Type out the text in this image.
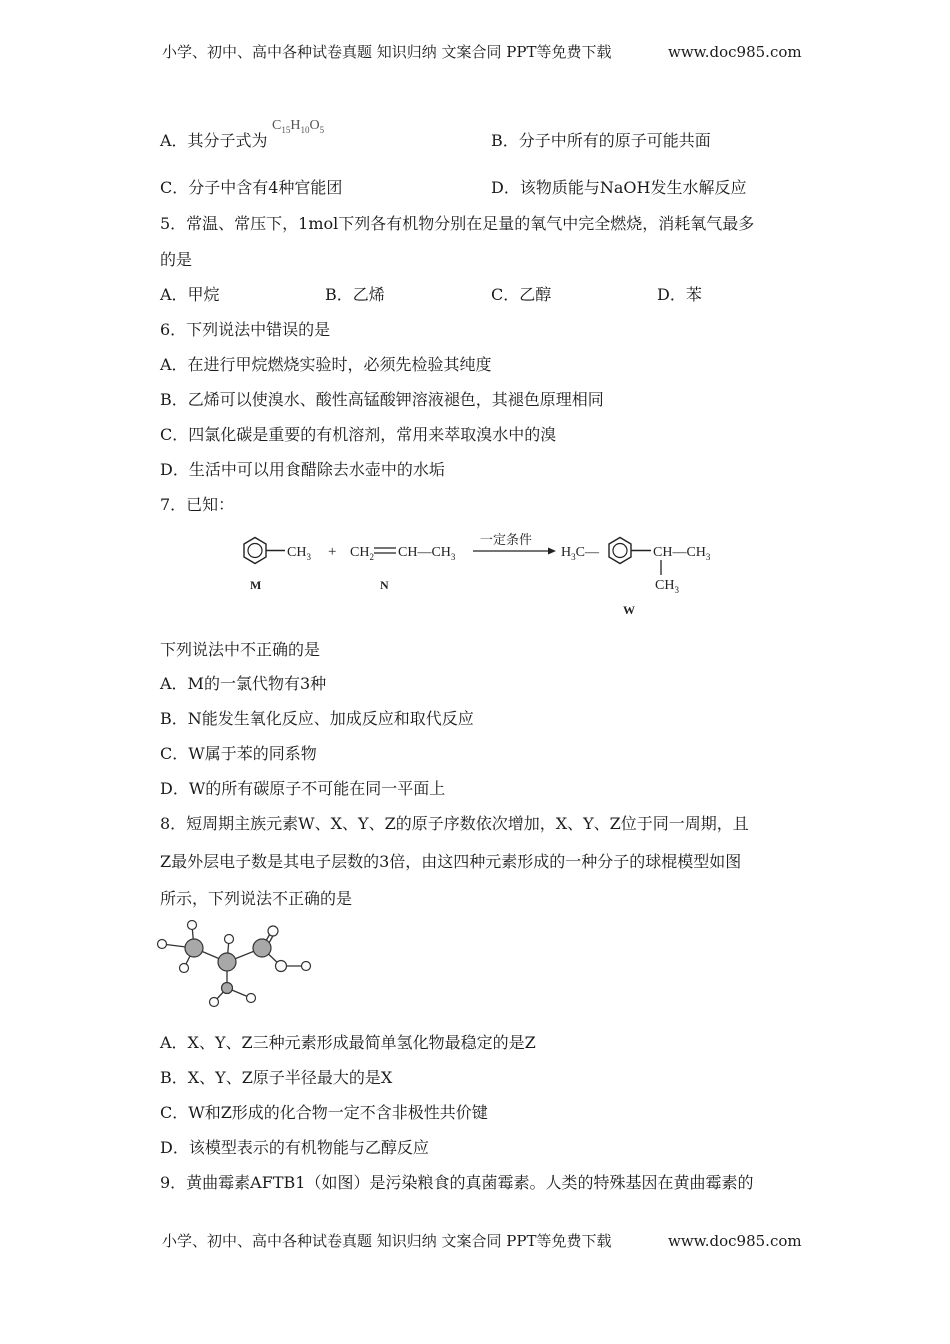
小学、初中、高中各种试卷真题 知识归纳 文案合同 PPT等免费下载	www.doc985.com
A．其分子式为
$C_{15}H_{10}O_5$
B．分子中所有的原子可能共面
C．分子中含有4种官能团	D．该物质能与NaOH发生水解反应
5．常温、常压下，1mol下列各有机物分别在足量的氧气中完全燃烧，消耗氧气最多
的是
A．甲烷	B．乙烯	C．乙醇	D．苯
6．下列说法中错误的是
A．在进行甲烷燃烧实验时，必须先检验其纯度
B．乙烯可以使溴水、酸性高锰酸钾溶液褪色，其褪色原理相同
C．四氯化碳是重要的有机溶剂，常用来萃取溴水中的溴
D．生活中可以用食醋除去水壶中的水垢
7．已知：
$CH_3$
M
+ $CH_2$ $CH—CH_3$
N
一定条件
$H_3C—$	$CH—CH_3$
$CH_3$
W
下列说法中不正确的是
A．M的一氯代物有3种
B．N能发生氧化反应、加成反应和取代反应
C．W属于苯的同系物
D．W的所有碳原子不可能在同一平面上
8．短周期主族元素W、X、Y、Z的原子序数依次增加，X、Y、Z位于同一周期，且
Z最外层电子数是其电子层数的3倍，由这四种元素形成的一种分子的球棍模型如图
所示，下列说法不正确的是
A．X、Y、Z三种元素形成最简单氢化物最稳定的是Z
B．X、Y、Z原子半径最大的是X
C．W和Z形成的化合物一定不含非极性共价键
D．该模型表示的有机物能与乙醇反应
9．黄曲霉素AFTB1（如图）是污染粮食的真菌霉素。人类的特殊基因在黄曲霉素的
小学、初中、高中各种试卷真题 知识归纳 文案合同 PPT等免费下载	www.doc985.com
